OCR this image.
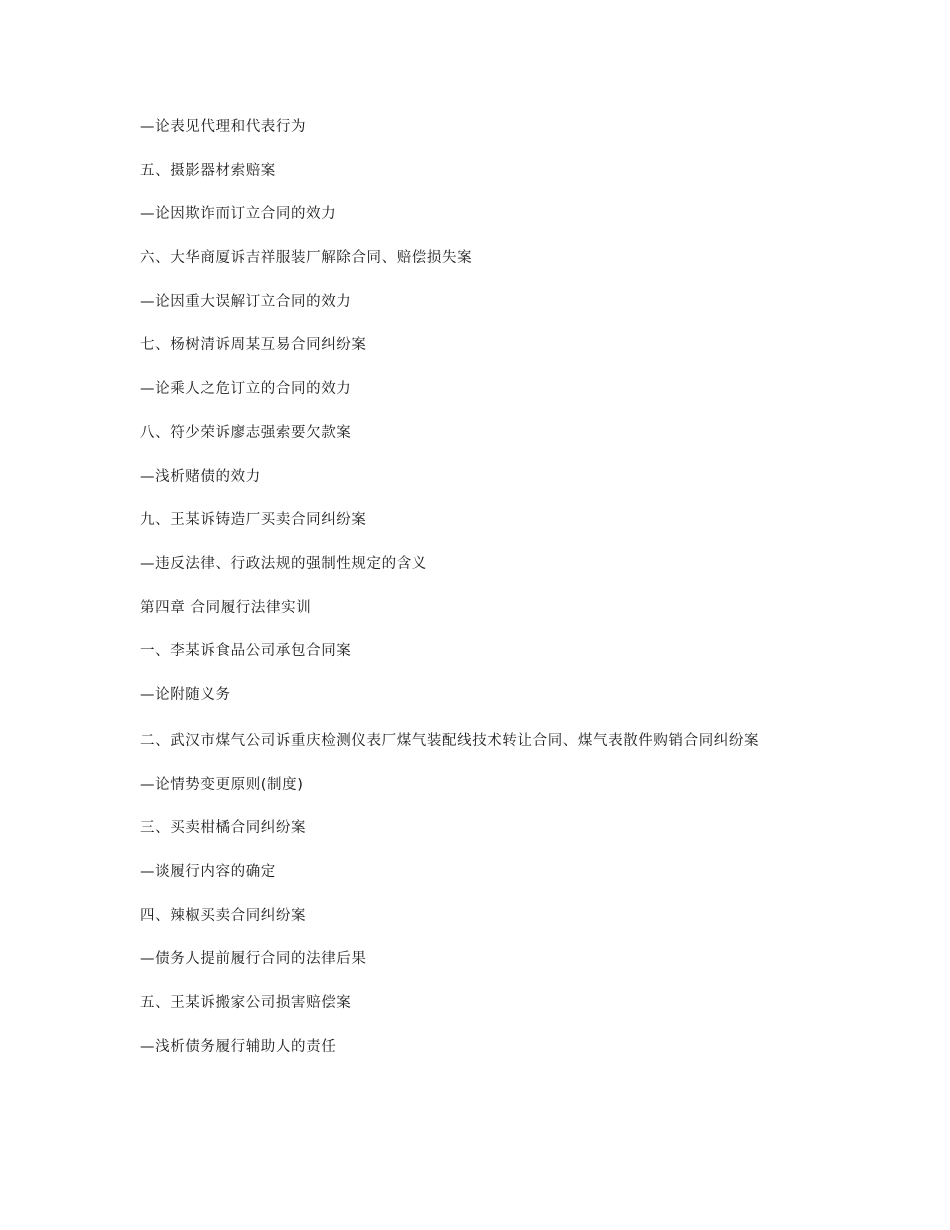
—论表见代理和代表行为

五、摄影器材索赔案

—论因欺诈而订立合同的效力

六、大华商厦诉吉祥服装厂解除合同、赔偿损失案

—论因重大误解订立合同的效力

七、杨树清诉周某互易合同纠纷案

—论乘人之危订立的合同的效力

八、符少荣诉廖志强索要欠款案

—浅析赌债的效力

九、王某诉铸造厂买卖合同纠纷案

—违反法律、行政法规的强制性规定的含义

第四章 合同履行法律实训

一、李某诉食品公司承包合同案

—论附随义务

二、武汉市煤气公司诉重庆检测仪表厂煤气装配线技术转让合同、煤气表散件购销合同纠纷案

—论情势变更原则(制度)

三、买卖柑橘合同纠纷案

—谈履行内容的确定

四、辣椒买卖合同纠纷案

—债务人提前履行合同的法律后果

五、王某诉搬家公司损害赔偿案

—浅析债务履行辅助人的责任
